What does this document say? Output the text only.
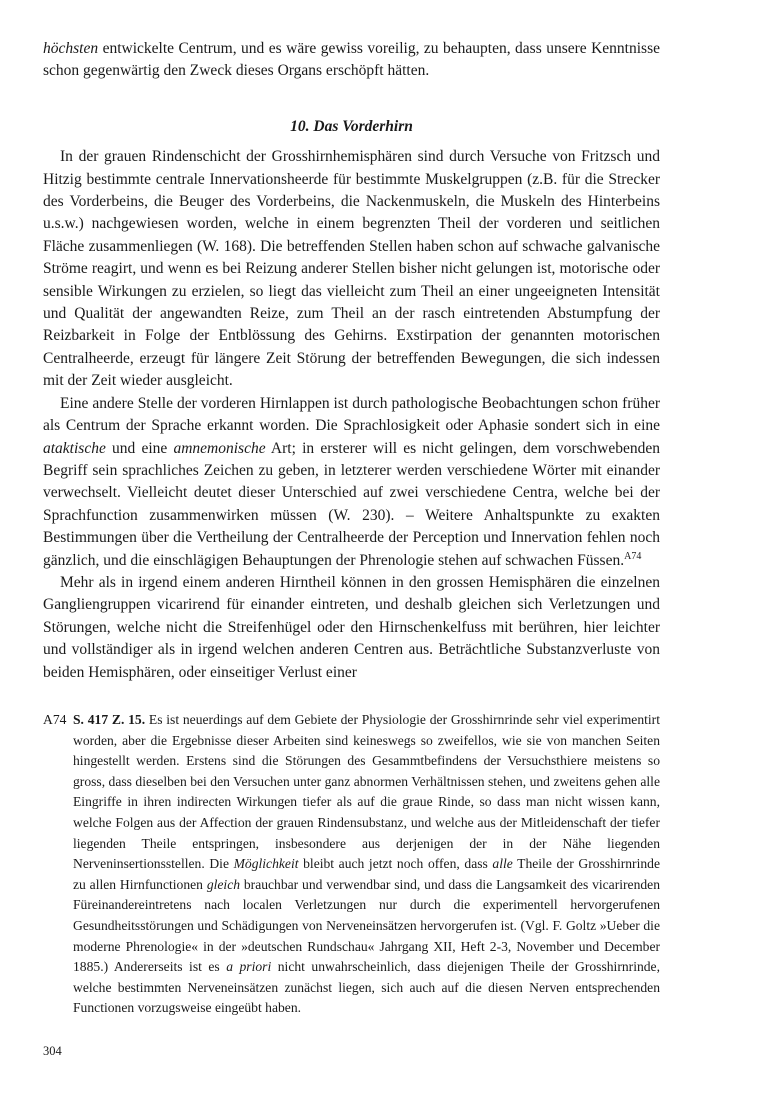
höchsten entwickelte Centrum, und es wäre gewiss voreilig, zu behaupten, dass unsere Kenntnisse schon gegenwärtig den Zweck dieses Organs erschöpft hätten.

10. Das Vorderhirn

In der grauen Rindenschicht der Grosshirnhemisphären sind durch Versuche von Fritzsch und Hitzig bestimmte centrale Innervationsheerde für bestimmte Muskelgruppen (z.B. für die Strecker des Vorderbeins, die Beuger des Vorderbeins, die Nackenmuskeln, die Muskeln des Hinterbeins u.s.w.) nachgewiesen worden, welche in einem begrenzten Theil der vorderen und seitlichen Fläche zusammenliegen (W. 168). Die betreffenden Stellen haben schon auf schwache galvanische Ströme reagirt, und wenn es bei Reizung anderer Stellen bisher nicht gelungen ist, motorische oder sensible Wirkungen zu erzielen, so liegt das vielleicht zum Theil an einer ungeeigneten Intensität und Qualität der angewandten Reize, zum Theil an der rasch eintretenden Abstumpfung der Reizbarkeit in Folge der Entblössung des Gehirns. Exstirpation der genannten motorischen Centralheerde, erzeugt für längere Zeit Störung der betreffenden Bewegungen, die sich indessen mit der Zeit wieder ausgleicht.

Eine andere Stelle der vorderen Hirnlappen ist durch pathologische Beobachtungen schon früher als Centrum der Sprache erkannt worden. Die Sprachlosigkeit oder Aphasie sondert sich in eine ataktische und eine amnemonische Art; in ersterer will es nicht gelingen, dem vorschwebenden Begriff sein sprachliches Zeichen zu geben, in letzterer werden verschiedene Wörter mit einander verwechselt. Vielleicht deutet dieser Unterschied auf zwei verschiedene Centra, welche bei der Sprachfunction zusammenwirken müssen (W. 230). – Weitere Anhaltspunkte zu exakten Bestimmungen über die Vertheilung der Centralheerde der Perception und Innervation fehlen noch gänzlich, und die einschlägigen Behauptungen der Phrenologie stehen auf schwachen Füssen.$^{A74}$

Mehr als in irgend einem anderen Hirntheil können in den grossen Hemisphären die einzelnen Gangliengruppen vicarirend für einander eintreten, und deshalb gleichen sich Verletzungen und Störungen, welche nicht die Streifenhügel oder den Hirnschenkelfuss mit berühren, hier leichter und vollständiger als in irgend welchen anderen Centren aus. Beträchtliche Substanzverluste von beiden Hemisphären, oder einseitiger Verlust einer

A74 S. 417 Z. 15. Es ist neuerdings auf dem Gebiete der Physiologie der Grosshirnrinde sehr viel experimentirt worden, aber die Ergebnisse dieser Arbeiten sind keineswegs so zweifellos, wie sie von manchen Seiten hingestellt werden. Erstens sind die Störungen des Gesammtbefindens der Versuchsthiere meistens so gross, dass dieselben bei den Versuchen unter ganz abnormen Verhältnissen stehen, und zweitens gehen alle Eingriffe in ihren indirecten Wirkungen tiefer als auf die graue Rinde, so dass man nicht wissen kann, welche Folgen aus der Affection der grauen Rindensubstanz, und welche aus der Mitleidenschaft der tiefer liegenden Theile entspringen, insbesondere aus derjenigen der in der Nähe liegenden Nerveninsertionsstellen. Die Möglichkeit bleibt auch jetzt noch offen, dass alle Theile der Grosshirnrinde zu allen Hirnfunctionen gleich brauchbar und verwendbar sind, und dass die Langsamkeit des vicarirenden Füreinandereintretens nach localen Verletzungen nur durch die experimentell hervorgerufenen Gesundheitsstörungen und Schädigungen von Nerveneinsätzen hervorgerufen ist. (Vgl. F. Goltz »Ueber die moderne Phrenologie« in der »deutschen Rundschau« Jahrgang XII, Heft 2-3, November und December 1885.) Andererseits ist es a priori nicht unwahrscheinlich, dass diejenigen Theile der Grosshirnrinde, welche bestimmten Nerveneinsätzen zunächst liegen, sich auch auf die diesen Nerven entsprechenden Functionen vorzugsweise eingeübt haben.
304
